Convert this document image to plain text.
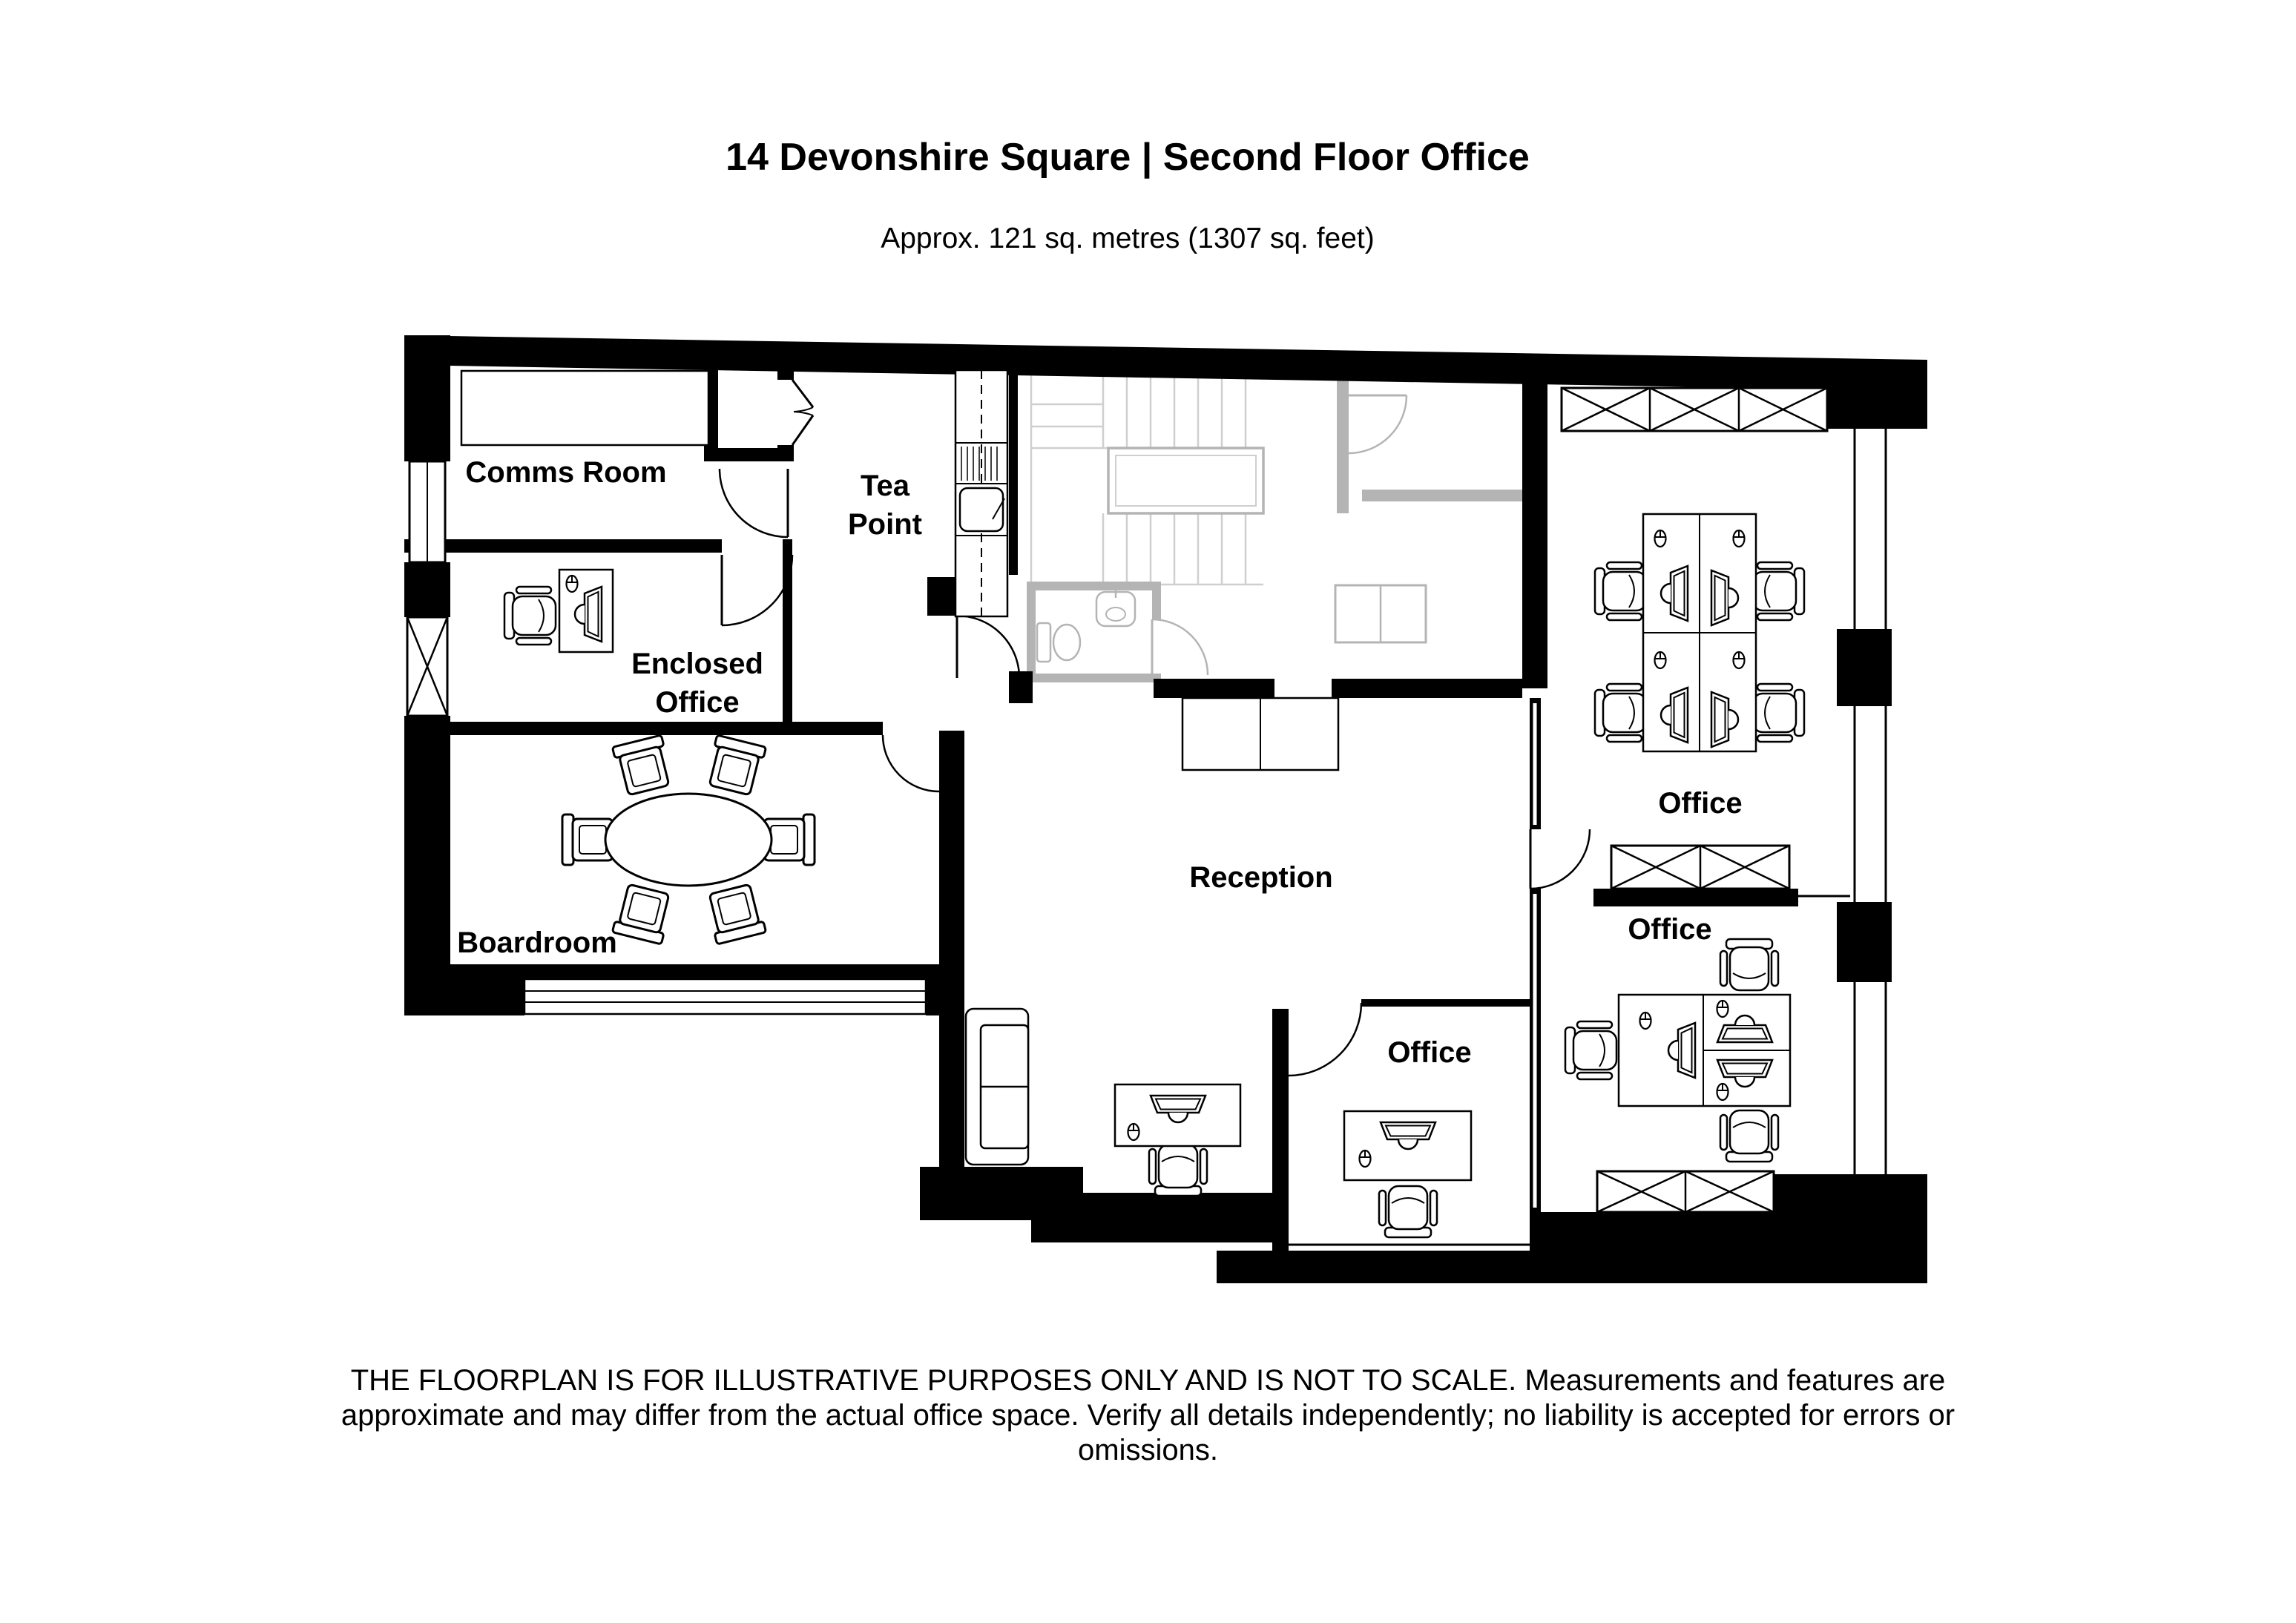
14 Devonshire Square | Second Floor Office
Approx. 121 sq. metres (1307 sq. feet)
Comms Room	Tea
Point
Enclosed
Office
Boardroom
Reception
Office
Office
Office
THE FLOORPLAN IS FOR ILLUSTRATIVE PURPOSES ONLY AND IS NOT TO SCALE. Measurements and features are
approximate and may differ from the actual office space. Verify all details independently; no liability is accepted for errors or
omissions.
